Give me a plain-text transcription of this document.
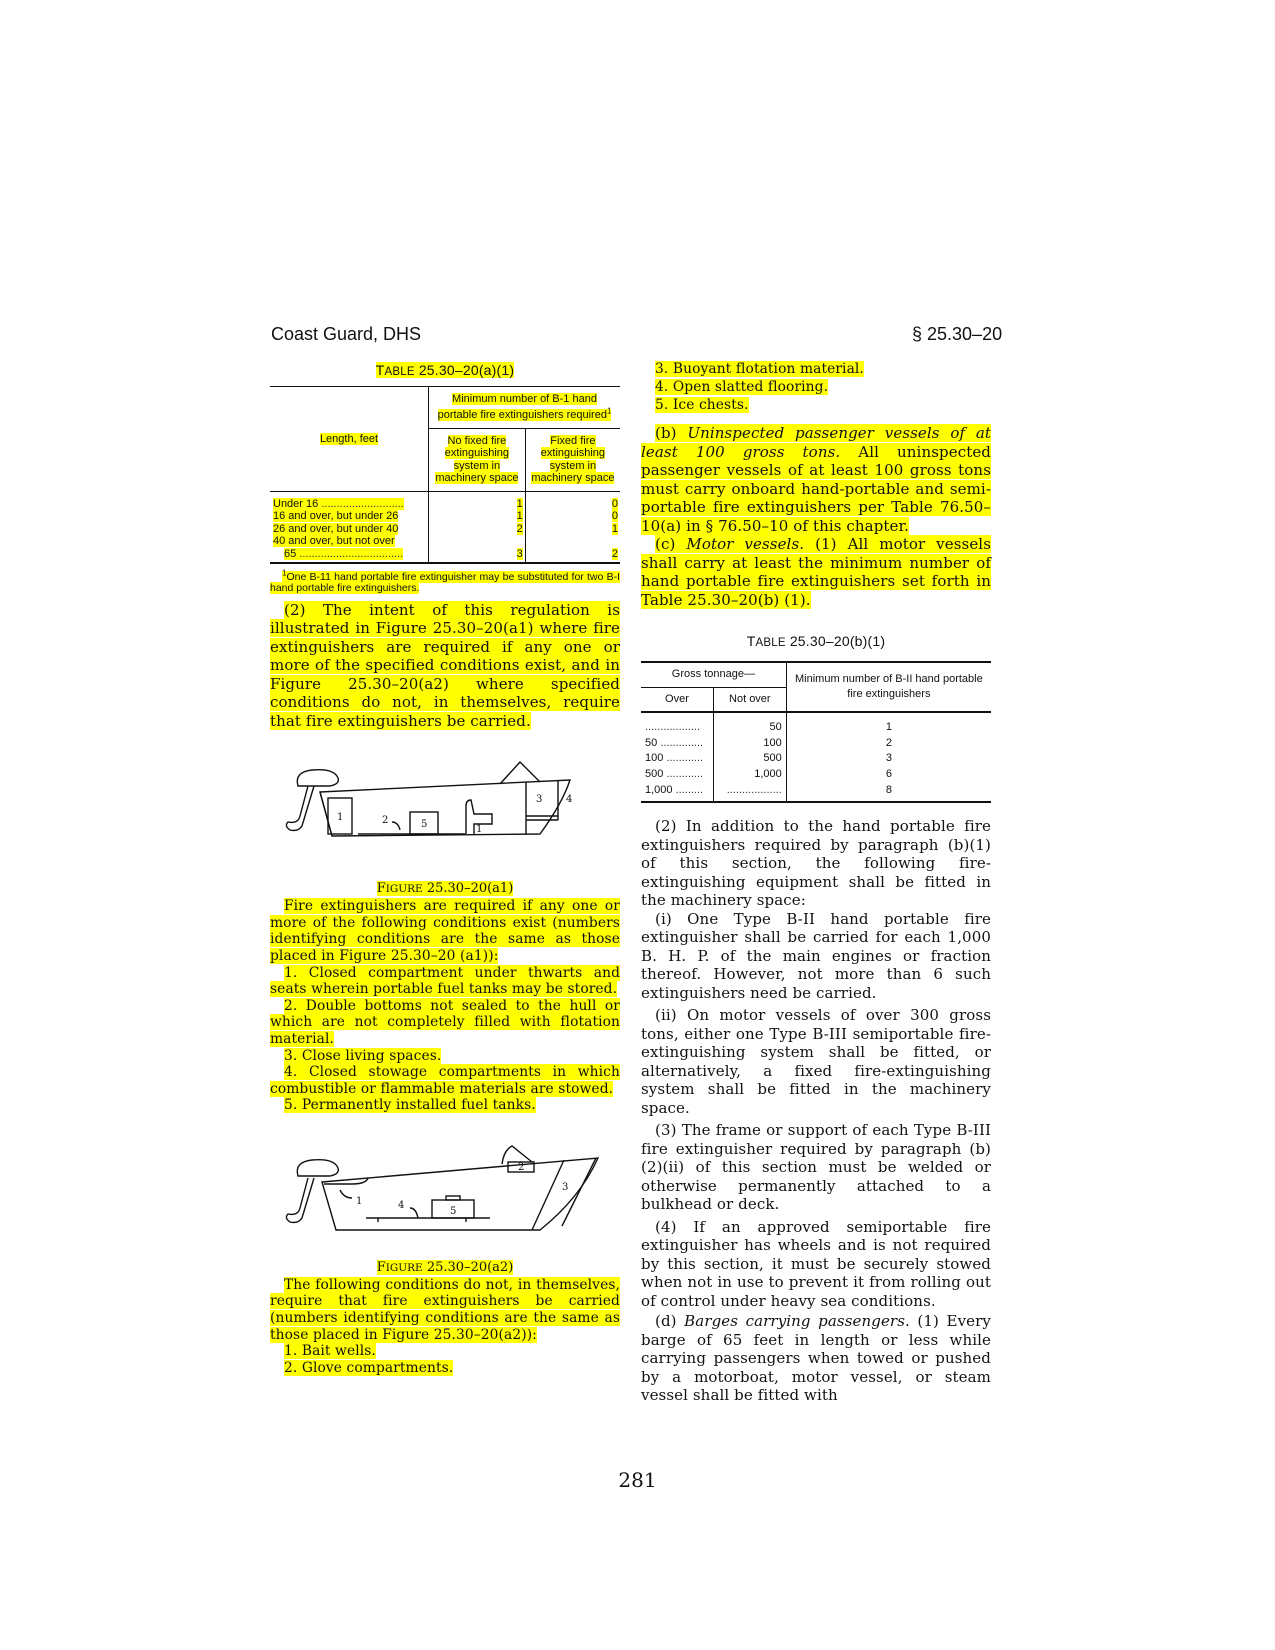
Coast Guard, DHS	§ 25.30–20
TABLE 25.30–20(a)(1)
Length, feet	Minimum number of B-1 hand portable fire extinguishers required$^1$
	No fixed fire extinguishing system in machinery space	Fixed fire extinguishing system in machinery space
Under 16 ...........................	1	0
16 and over, but under 26	1	0
26 and over, but under 40	2	1
40 and over, but not over		
65 ..................................	3	2

$^1$One B-11 hand portable fire extinguisher may be substituted for two B-I hand portable fire extinguishers.

(2) The intent of this regulation is illustrated in Figure 25.30–20(a1) where fire extinguishers are required if any one or more of the specified conditions exist, and in Figure 25.30–20(a2) where specified conditions do not, in themselves, require that fire extinguishers be carried.

1	2	5	1
3 4
FIGURE 25.30–20(a1)

Fire extinguishers are required if any one or more of the following conditions exist (numbers identifying conditions are the same as those placed in Figure 25.30–20 (a1)):

1. Closed compartment under thwarts and seats wherein portable fuel tanks may be stored.

2. Double bottoms not sealed to the hull or which are not completely filled with flotation material.

3. Close living spaces.

4. Closed stowage compartments in which combustible or flammable materials are stowed.

5. Permanently installed fuel tanks.

1	4
5
2
3
FIGURE 25.30–20(a2)

The following conditions do not, in themselves, require that fire extinguishers be carried (numbers identifying conditions are the same as those placed in Figure 25.30–20(a2)):

1. Bait wells.

2. Glove compartments.

3. Buoyant flotation material.

4. Open slatted flooring.

5. Ice chests.

(b) Uninspected passenger vessels of at least 100 gross tons. All uninspected passenger vessels of at least 100 gross tons must carry onboard hand-portable and semi-portable fire extinguishers per Table 76.50–10(a) in § 76.50–10 of this chapter.

(c) Motor vessels. (1) All motor vessels shall carry at least the minimum number of hand portable fire extinguishers set forth in Table 25.30–20(b) (1).

TABLE 25.30–20(b)(1)
Gross tonnage—		Minimum number of B-II hand portable fire extinguishers
Over	Not over	
..................	50	1
50 ..............	100	2
100 ............	500	3
500 ............	1,000	6
1,000 .........	..................	8

(2) In addition to the hand portable fire extinguishers required by paragraph (b)(1) of this section, the following fire-extinguishing equipment shall be fitted in the machinery space:

(i) One Type B-II hand portable fire extinguisher shall be carried for each 1,000 B. H. P. of the main engines or fraction thereof. However, not more than 6 such extinguishers need be carried.

(ii) On motor vessels of over 300 gross tons, either one Type B-III semiportable fire-extinguishing system shall be fitted, or alternatively, a fixed fire-extinguishing system shall be fitted in the machinery space.

(3) The frame or support of each Type B-III fire extinguisher required by paragraph (b)(2)(ii) of this section must be welded or otherwise permanently attached to a bulkhead or deck.

(4) If an approved semiportable fire extinguisher has wheels and is not required by this section, it must be securely stowed when not in use to prevent it from rolling out of control under heavy sea conditions.

(d) Barges carrying passengers. (1) Every barge of 65 feet in length or less while carrying passengers when towed or pushed by a motorboat, motor vessel, or steam vessel shall be fitted with

281
